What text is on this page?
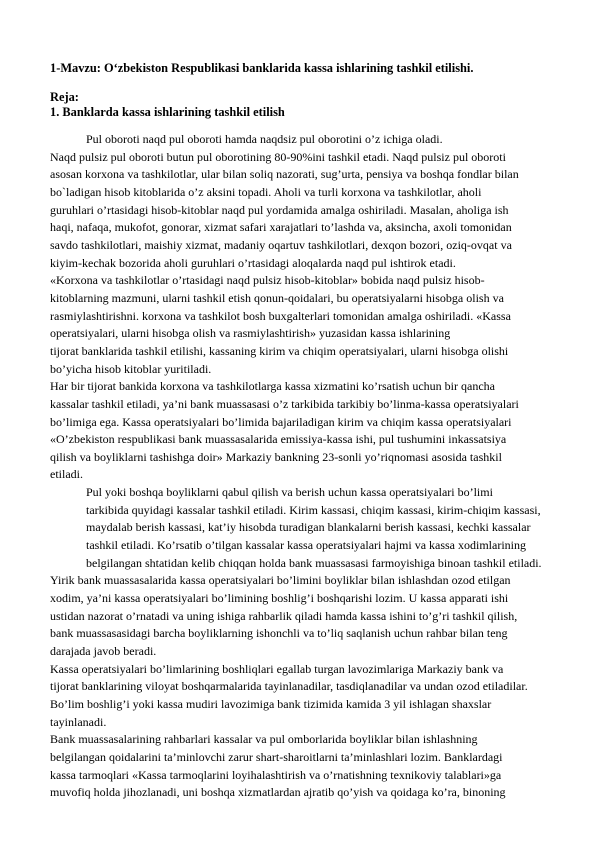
1-Mavzu: O‘zbekiston Respublikasi banklarida kassa ishlarining tashkil etilishi.
Reja:
1. Banklarda kassa ishlarining tashkil etilish

Pul oboroti naqd pul oboroti hamda naqdsiz pul oborotini o’z ichiga oladi.

Naqd pulsiz pul oboroti butun pul oborotining 80-90%ini tashkil etadi. Naqd pulsiz pul oboroti
asosan korxona va tashkilotlar, ular bilan soliq nazorati, sug’urta, pensiya va boshqa fondlar bilan
bo`ladigan hisob kitoblarida o’z aksini topadi. Aholi va turli korxona va tashkilotlar, aholi
guruhlari o’rtasidagi hisob-kitoblar naqd pul yordamida amalga oshiriladi. Masalan, aholiga ish
haqi, nafaqa, mukofot, gonorar, xizmat safari xarajatlari to’lashda va, aksincha, axoli tomonidan
savdo tashkilotlari, maishiy xizmat, madaniy oqartuv tashkilotlari, dexqon bozori, oziq-ovqat va
kiyim-kechak bozorida aholi guruhlari o’rtasidagi aloqalarda naqd pul ishtirok etadi.

«Korxona va tashkilotlar o’rtasidagi naqd pulsiz hisob-kitoblar» bobida naqd pulsiz hisob-
kitoblarning mazmuni, ularni tashkil etish qonun-qoidalari, bu operatsiyalarni hisobga olish va
rasmiylashtirishni. korxona va tashkilot bosh buxgalterlari tomonidan amalga oshiriladi. «Kassa
operatsiyalari, ularni hisobga olish va rasmiylashtirish» yuzasidan kassa ishlarining
tijorat banklarida tashkil etilishi, kassaning kirim va chiqim operatsiyalari, ularni hisobga olishi
bo’yicha hisob kitoblar yuritiladi.

Har bir tijorat bankida korxona va tashkilotlarga kassa xizmatini ko’rsatish uchun bir qancha
kassalar tashkil etiladi, ya’ni bank muassasasi o’z tarkibida tarkibiy bo’linma-kassa operatsiyalari
bo’limiga ega. Kassa operatsiyalari bo’limida bajariladigan kirim va chiqim kassa operatsiyalari
«O’zbekiston respublikasi bank muassasalarida emissiya-kassa ishi, pul tushumini inkassatsiya
qilish va boyliklarni tashishga doir» Markaziy bankning 23-sonli yo’riqnomasi asosida tashkil
etiladi.

Pul yoki boshqa boyliklarni qabul qilish va berish uchun kassa operatsiyalari bo’limi
tarkibida quyidagi kassalar tashkil etiladi. Kirim kassasi, chiqim kassasi, kirim-chiqim kassasi,
maydalab berish kassasi, kat’iy hisobda turadigan blankalarni berish kassasi, kechki kassalar
tashkil etiladi. Ko’rsatib o’tilgan kassalar kassa operatsiyalari hajmi va kassa xodimlarining
belgilangan shtatidan kelib chiqqan holda bank muassasasi farmoyishiga binoan tashkil etiladi.

Yirik bank muassasalarida kassa operatsiyalari bo’limini boyliklar bilan ishlashdan ozod etilgan
xodim, ya’ni kassa operatsiyalari bo’limining boshlig’i boshqarishi lozim. U kassa apparati ishi
ustidan nazorat o’rnatadi va uning ishiga rahbarlik qiladi hamda kassa ishini to’g’ri tashkil qilish,
bank muassasasidagi barcha boyliklarning ishonchli va to’liq saqlanish uchun rahbar bilan teng
darajada javob beradi.

Kassa operatsiyalari bo’limlarining boshliqlari egallab turgan lavozimlariga Markaziy bank va
tijorat banklarining viloyat boshqarmalarida tayinlanadilar, tasdiqlanadilar va undan ozod etiladilar.
Bo’lim boshlig’i yoki kassa mudiri lavozimiga bank tizimida kamida 3 yil ishlagan shaxslar
tayinlanadi.

Bank muassasalarining rahbarlari kassalar va pul omborlarida boyliklar bilan ishlashning
belgilangan qoidalarini ta’minlovchi zarur shart-sharoitlarni ta’minlashlari lozim. Banklardagi
kassa tarmoqlari «Kassa tarmoqlarini loyihalashtirish va o’rnatishning texnikoviy talablari»ga
muvofiq holda jihozlanadi, uni boshqa xizmatlardan ajratib qo’yish va qoidaga ko’ra, binoning
